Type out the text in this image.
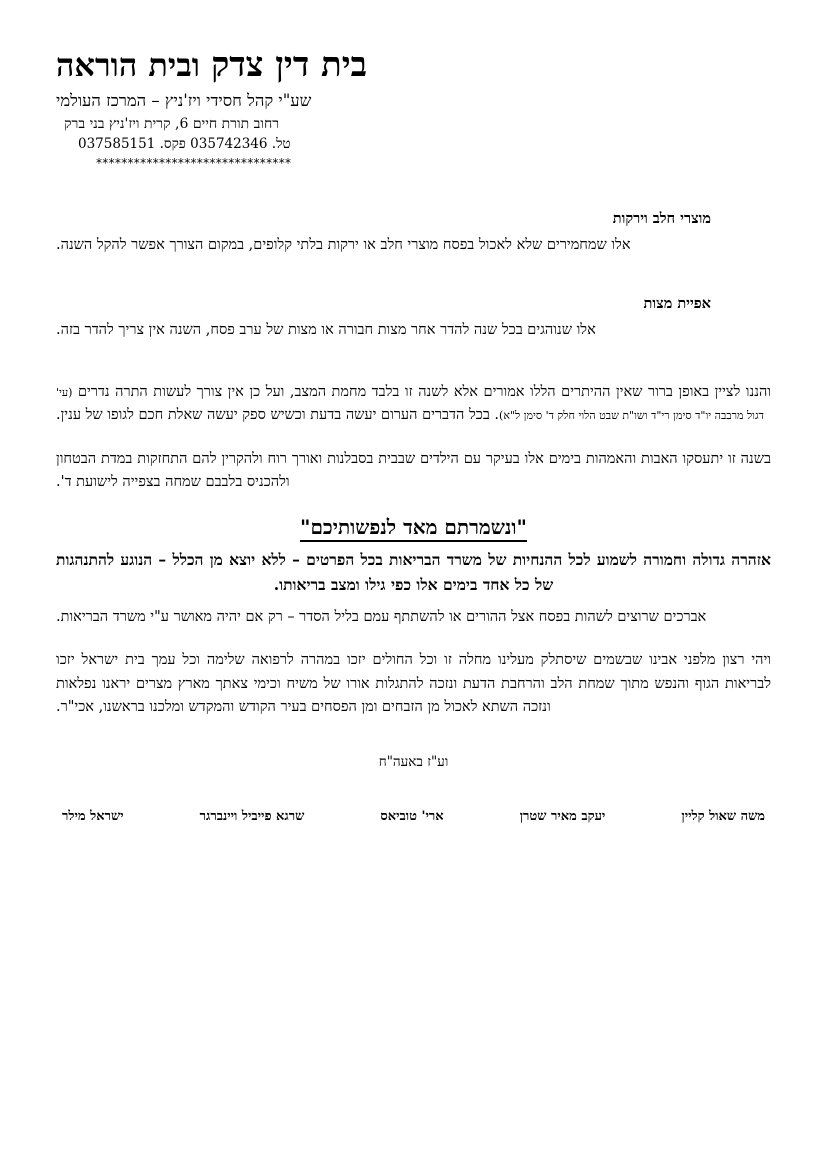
בית דין צדק ובית הוראה
שע"י קהל חסידי ויז'ניץ – המרכז העולמי
רחוב תורת חיים 6, קרית ויז'ניץ בני ברק
טל. 035742346 פקס. 037585151
*******************************
מוצרי חלב וירקות

אלו שמחמירים שלא לאכול בפסח מוצרי חלב או ירקות בלתי קלופים, במקום הצורך אפשר להקל השנה.

אפיית מצות

אלו שנוהגים בכל שנה להדר אחר מצות חבורה או מצות של ערב פסח, השנה אין צריך להדר בזה.

והננו לציין באופן ברור שאין ההיתרים הללו אמורים אלא לשנה זו בלבד מחמת המצב, ועל כן אין צורך לעשות התרה נדרים (עי' דגול מרבבה יו"ד סימן רי"ד ושו"ת שבט הלוי חלק ד' סימן ל"א). בכל הדברים הערום יעשה בדעת וכשיש ספק יעשה שאלת חכם לגופו של ענין.

בשנה זו יתעסקו האבות והאמהות בימים אלו בעיקר עם הילדים שבבית בסבלנות ואורך רוח ולהקרין להם התחזקות במדת הבטחון ולהכניס בלבבם שמחה בצפייה לישועת ד'.

"ונשמרתם מאד לנפשותיכם"

אזהרה גדולה וחמורה לשמוע לכל ההנחיות של משרד הבריאות בכל הפרטים – ללא יוצא מן הכלל – הנוגע להתנהגות של כל אחד בימים אלו כפי גילו ומצב בריאותו.

אברכים שרוצים לשהות בפסח אצל ההורים או להשתתף עמם בליל הסדר – רק אם יהיה מאושר ע"י משרד הבריאות.

ויהי רצון מלפני אבינו שבשמים שיסתלק מעלינו מחלה זו וכל החולים יזכו במהרה לרפואה שלימה וכל עמך בית ישראל יזכו לבריאות הגוף והנפש מתוך שמחת הלב והרחבת הדעת ונזכה להתגלות אורו של משיח וכימי צאתך מארץ מצרים יראנו נפלאות ונזכה השתא לאכול מן הזבחים ומן הפסחים בעיר הקודש והמקדש ומלכנו בראשנו, אכי"ר.

וע"ז באעה"ח
משה שאול קליין
יעקב מאיר שטרן
ארי' טוביאס
שרגא פייביל ויינברגר
ישראל מילר
